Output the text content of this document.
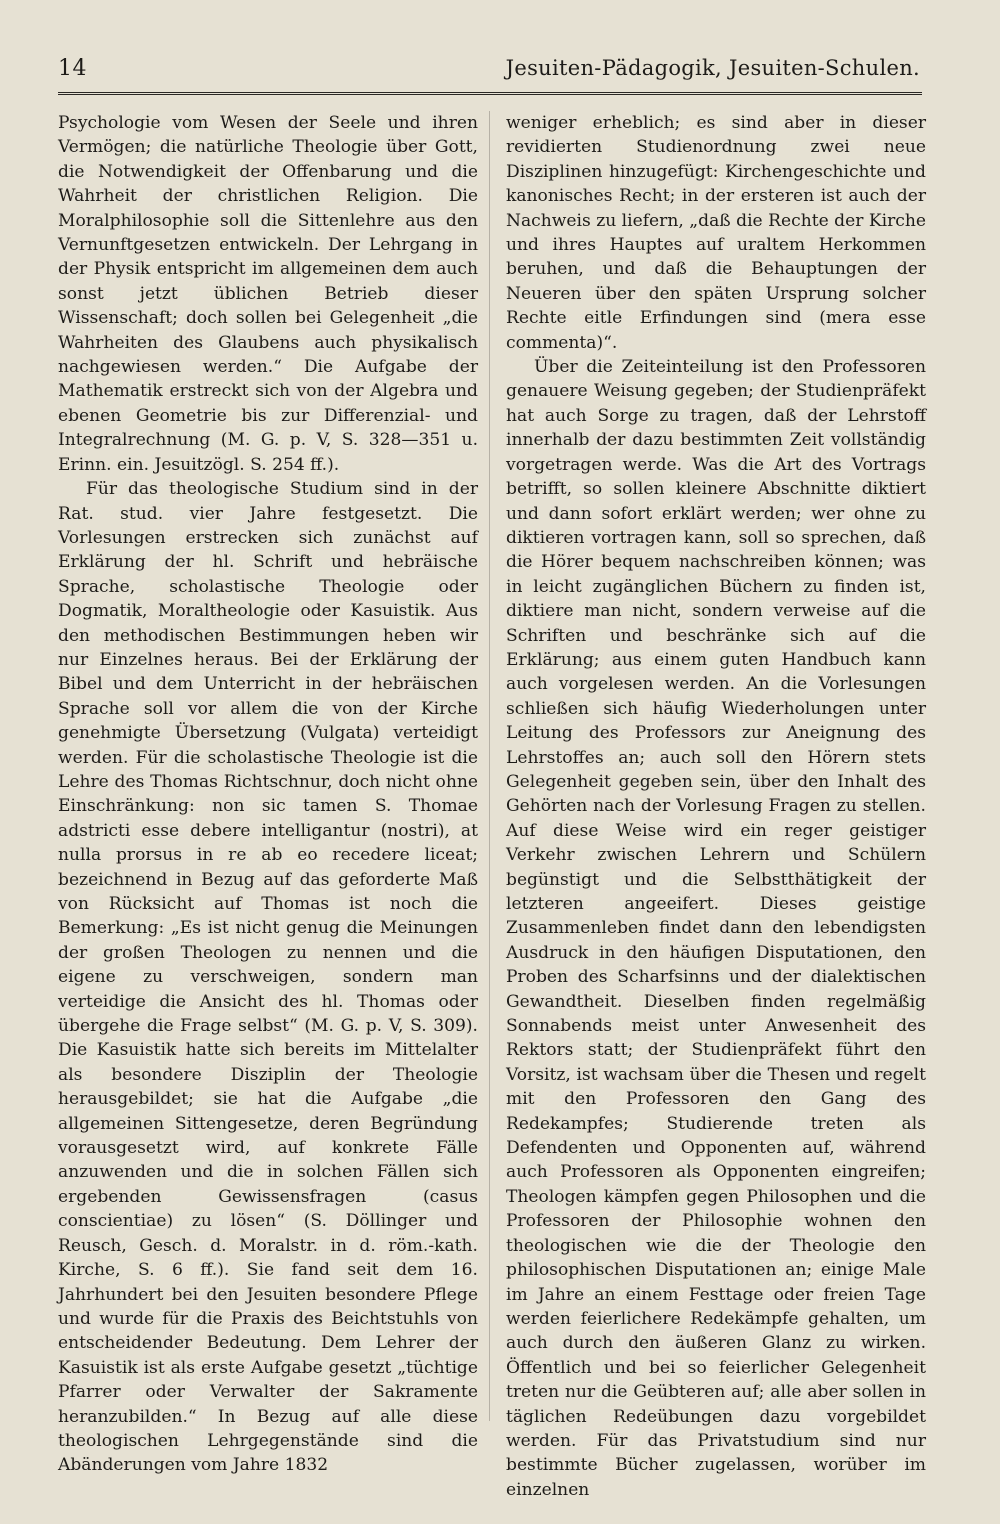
14	Jesuiten-Pädagogik, Jesuiten-Schulen.

Psychologie vom Wesen der Seele und ihren Vermögen; die natürliche Theologie über Gott, die Notwendigkeit der Offenbarung und die Wahrheit der christlichen Religion. Die Moralphilosophie soll die Sittenlehre aus den Vernunftgesetzen entwickeln. Der Lehrgang in der Physik entspricht im allgemeinen dem auch sonst jetzt üblichen Betrieb dieser Wissenschaft; doch sollen bei Gelegenheit „die Wahrheiten des Glaubens auch physikalisch nachgewiesen werden.“ Die Aufgabe der Mathematik erstreckt sich von der Algebra und ebenen Geometrie bis zur Differenzial- und Integralrechnung (M. G. p. V, S. 328—351 u. Erinn. ein. Jesuitzögl. S. 254 ff.).

Für das theologische Studium sind in der Rat. stud. vier Jahre festgesetzt. Die Vorlesungen erstrecken sich zunächst auf Erklärung der hl. Schrift und hebräische Sprache, scholastische Theologie oder Dogmatik, Moraltheologie oder Kasuistik. Aus den methodischen Bestimmungen heben wir nur Einzelnes heraus. Bei der Erklärung der Bibel und dem Unterricht in der hebräischen Sprache soll vor allem die von der Kirche genehmigte Übersetzung (Vulgata) verteidigt werden. Für die scholastische Theologie ist die Lehre des Thomas Richtschnur, doch nicht ohne Einschränkung: non sic tamen S. Thomae adstricti esse debere intelligantur (nostri), at nulla prorsus in re ab eo recedere liceat; bezeichnend in Bezug auf das geforderte Maß von Rücksicht auf Thomas ist noch die Bemerkung: „Es ist nicht genug die Meinungen der großen Theologen zu nennen und die eigene zu verschweigen, sondern man verteidige die Ansicht des hl. Thomas oder übergehe die Frage selbst“ (M. G. p. V, S. 309). Die Kasuistik hatte sich bereits im Mittelalter als besondere Disziplin der Theologie herausgebildet; sie hat die Aufgabe „die allgemeinen Sittengesetze, deren Begründung vorausgesetzt wird, auf konkrete Fälle anzuwenden und die in solchen Fällen sich ergebenden Gewissensfragen (casus conscientiae) zu lösen“ (S. Döllinger und Reusch, Gesch. d. Moralstr. in d. röm.-kath. Kirche, S. 6 ff.). Sie fand seit dem 16. Jahrhundert bei den Jesuiten besondere Pflege und wurde für die Praxis des Beichtstuhls von entscheidender Bedeutung. Dem Lehrer der Kasuistik ist als erste Aufgabe gesetzt „tüchtige Pfarrer oder Verwalter der Sakramente heranzubilden.“ In Bezug auf alle diese theologischen Lehrgegenstände sind die Abänderungen vom Jahre 1832

weniger erheblich; es sind aber in dieser revidierten Studienordnung zwei neue Disziplinen hinzugefügt: Kirchengeschichte und kanonisches Recht; in der ersteren ist auch der Nachweis zu liefern, „daß die Rechte der Kirche und ihres Hauptes auf uraltem Herkommen beruhen, und daß die Behauptungen der Neueren über den späten Ursprung solcher Rechte eitle Erfindungen sind (mera esse commenta)“.

Über die Zeiteinteilung ist den Professoren genauere Weisung gegeben; der Studienpräfekt hat auch Sorge zu tragen, daß der Lehrstoff innerhalb der dazu bestimmten Zeit vollständig vorgetragen werde. Was die Art des Vortrags betrifft, so sollen kleinere Abschnitte diktiert und dann sofort erklärt werden; wer ohne zu diktieren vortragen kann, soll so sprechen, daß die Hörer bequem nachschreiben können; was in leicht zugänglichen Büchern zu finden ist, diktiere man nicht, sondern verweise auf die Schriften und beschränke sich auf die Erklärung; aus einem guten Handbuch kann auch vorgelesen werden. An die Vorlesungen schließen sich häufig Wiederholungen unter Leitung des Professors zur Aneignung des Lehrstoffes an; auch soll den Hörern stets Gelegenheit gegeben sein, über den Inhalt des Gehörten nach der Vorlesung Fragen zu stellen. Auf diese Weise wird ein reger geistiger Verkehr zwischen Lehrern und Schülern begünstigt und die Selbstthätigkeit der letzteren angeeifert. Dieses geistige Zusammenleben findet dann den lebendigsten Ausdruck in den häufigen Disputationen, den Proben des Scharfsinns und der dialektischen Gewandtheit. Dieselben finden regelmäßig Sonnabends meist unter Anwesenheit des Rektors statt; der Studienpräfekt führt den Vorsitz, ist wachsam über die Thesen und regelt mit den Professoren den Gang des Redekampfes; Studierende treten als Defendenten und Opponenten auf, während auch Professoren als Opponenten eingreifen; Theologen kämpfen gegen Philosophen und die Professoren der Philosophie wohnen den theologischen wie die der Theologie den philosophischen Disputationen an; einige Male im Jahre an einem Festtage oder freien Tage werden feierlichere Redekämpfe gehalten, um auch durch den äußeren Glanz zu wirken. Öffentlich und bei so feierlicher Gelegenheit treten nur die Geübteren auf; alle aber sollen in täglichen Redeübungen dazu vorgebildet werden. Für das Privatstudium sind nur bestimmte Bücher zugelassen, worüber im einzelnen
